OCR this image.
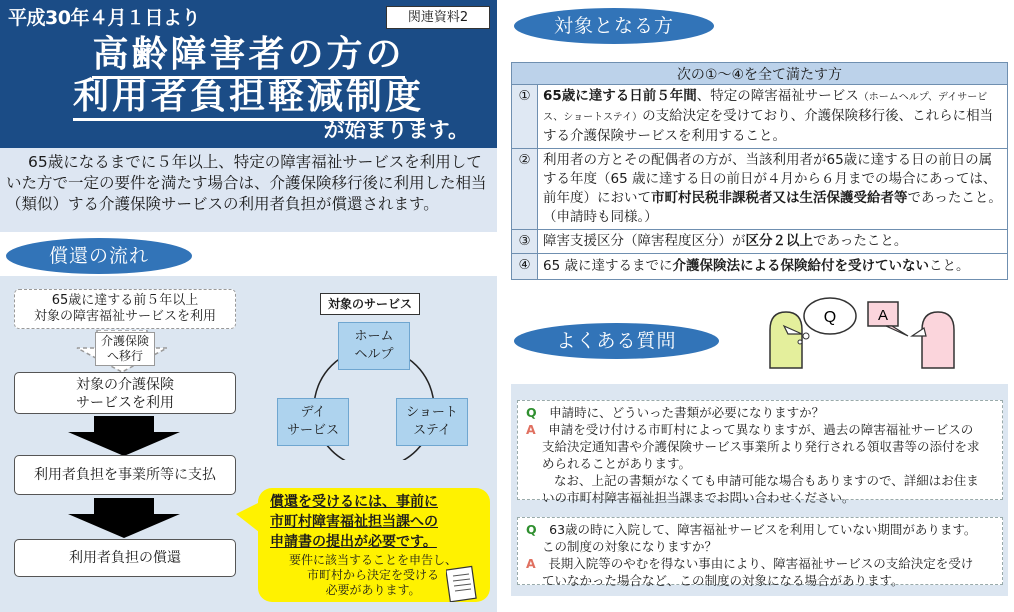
平成30年４月１日より	関連資料2
高齢障害者の方の
利用者負担軽減制度
が始まります。
65歳になるまでに５年以上、特定の障害福祉サービスを利用していた方で一定の要件を満たす場合は、介護保険移行後に利用した相当（類似）する介護保険サービスの利用者負担が償還されます。
償還の流れ
65歳に達する前５年以上
対象の障害福祉サービスを利用
介護保険
へ移行
対象の介護保険
サービスを利用
利用者負担を事業所等に支払
利用者負担の償還
対象のサービス
ホーム
ヘルプ
デイ
サービス
ショート
ステイ
償還を受けるには、事前に
市町村障害福祉担当課への
申請書の提出が必要です。
要件に該当することを申告し、
市町村から決定を受ける
必要があります。
対象となる方
次の①～④を全て満たす方	
①	65歳に達する日前５年間、特定の障害福祉サービス（ホームヘルプ、デイサービス、ショートステイ）の支給決定を受けており、介護保険移行後、これらに相当する介護保険サービスを利用すること。
②	利用者の方とその配偶者の方が、当該利用者が65歳に達する日の前日の属する年度（65 歳に達する日の前日が４月から６月までの場合にあっては、前年度）において市町村民税非課税者又は生活保護受給者等であったこと。（申請時も同様。）
③	障害支援区分（障害程度区分）が区分２以上であったこと。
④	65 歳に達するまでに介護保険法による保険給付を受けていないこと。
よくある質問
Q	A
Q　 申請時に、どういった書類が必要になりますか？
A　 申請を受け付ける市町村によって異なりますが、過去の障害福祉サービスの
支給決定通知書や介護保険サービス事業所より発行される領収書等の添付を求
められることがあります。
なお、上記の書類がなくても申請可能な場合もありますので、詳細はお住ま
いの市町村障害福祉担当課までお問い合わせください。
Q　 63歳の時に入院して、障害福祉サービスを利用していない期間があります。
この制度の対象になりますか？
A　 長期入院等のやむを得ない事由により、障害福祉サービスの支給決定を受け
ていなかった場合など、この制度の対象になる場合があります。
